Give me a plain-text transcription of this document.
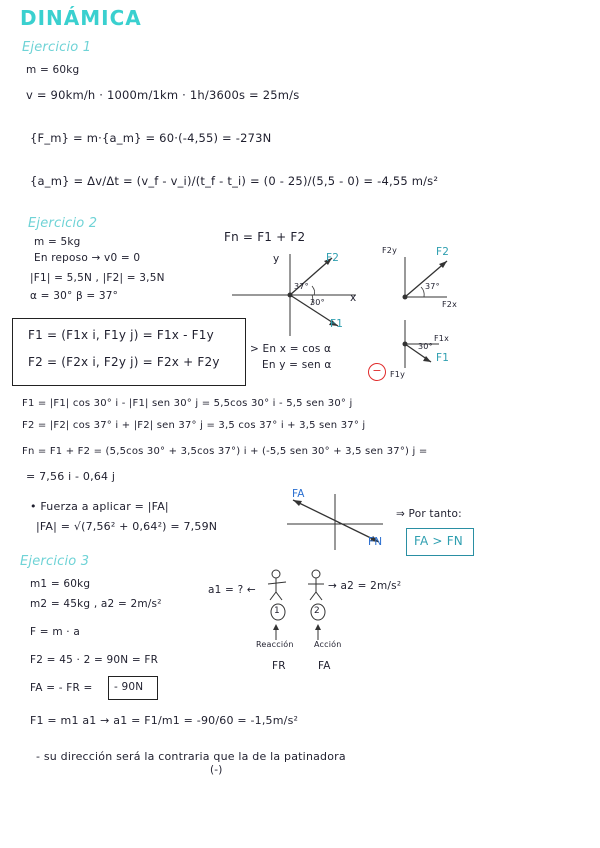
DINÁMICA
Ejercicio 1
m = 60kg
v = 90km/h · 1000m/1km · 1h/3600s = 25m/s
{F_m} = m·{a_m} = 60·(-4,55) = -273N
{a_m} = Δv/Δt = (v_f - v_i)/(t_f - t_i) = (0 - 25)/(5,5 - 0) = -4,55 m/s²
Ejercicio 2
m = 5kg
En reposo → v0 = 0
|F1| = 5,5N , |F2| = 3,5N
α = 30° β = 37°
Fn = F1 + F2
y
x
F2
F1
37°
30°
F2y	F2
37°
F2x
F1x
30°
F1
F1y
−
F1 = (F1x i, F1y j) = F1x - F1y
F2 = (F2x i, F2y j) = F2x + F2y
> En x = cos α
En y = sen α
F1 = |F1| cos 30° i - |F1| sen 30° j = 5,5cos 30° i - 5,5 sen 30° j
F2 = |F2| cos 37° i + |F2| sen 37° j = 3,5 cos 37° i + 3,5 sen 37° j
Fn = F1 + F2 = (5,5cos 30° + 3,5cos 37°) i + (-5,5 sen 30° + 3,5 sen 37°) j =
= 7,56 i - 0,64 j
• Fuerza a aplicar = |FA|
|FA| = √(7,56² + 0,64²) = 7,59N
FA
FN
⇒ Por tanto:
FA > FN
Ejercicio 3
m1 = 60kg
m2 = 45kg , a2 = 2m/s²
F = m · a
F2 = 45 · 2 = 90N = FR
FA = - FR = - 90N
F1 = m1 a1 → a1 = F1/m1 = -90/60 = -1,5m/s²
- su dirección será la contraria que la de la patinadora
(-)
a1 = ? ←	→ a2 = 2m/s²
1	2
Reacción	Acción
FR	FA
